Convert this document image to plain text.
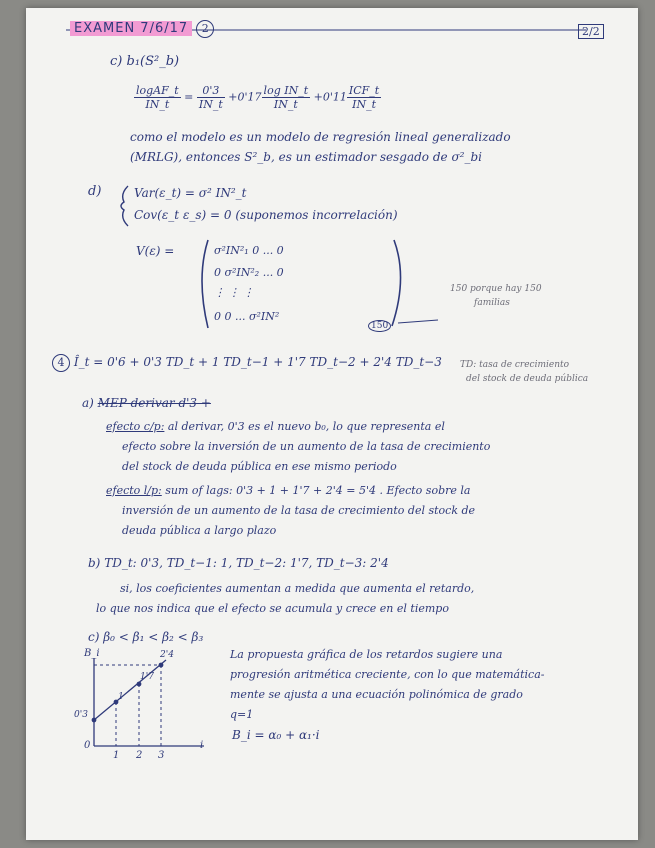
EXAMEN 7/6/17 2	2/2
c) b₁(S²_b)
$\frac{\text{logAF\_t}}{IN\_t} = \frac{0'3}{IN\_t} +0'17 \frac{\text{log IN\_t}}{IN\_t} +0'11 \frac{\text{ICF\_t}}{IN\_t}$
como el modelo es un modelo de regresión lineal generalizado
(MRLG), entonces S²_b, es un estimador sesgado de σ²_bi
d)	Var(ε_t) = σ² IN²_t
Cov(ε_t ε_s) = 0 (suponemos incorrelación)
V(ε) =	σ²IN²₁ 0 ... 0
0 σ²IN²₂ ... 0
⋮ ⋮ ⋮
0 0 ... σ²IN²
150
150 porque hay 150
familias
4 Î_t = 0'6 + 0'3 TD_t + 1 TD_t−1 + 1'7 TD_t−2 + 2'4 TD_t−3 TD: tasa de crecimiento
del stock de deuda pública
a) MEP derivar d'3 +
efecto c/p: al derivar, 0'3 es el nuevo b₀, lo que representa el
efecto sobre la inversión de un aumento de la tasa de crecimiento
del stock de deuda pública en ese mismo periodo
efecto l/p: sum of lags: 0'3 + 1 + 1'7 + 2'4 = 5'4 . Efecto sobre la
inversión de un aumento de la tasa de crecimiento del stock de
deuda pública a largo plazo
b) TD_t: 0'3, TD_t−1: 1, TD_t−2: 1'7, TD_t−3: 2'4
si, los coeficientes aumentan a medida que aumenta el retardo,
lo que nos indica que el efecto se acumula y crece en el tiempo
c) β₀ < β₁ < β₂ < β₃
La propuesta gráfica de los retardos sugiere una
progresión aritmética creciente, con lo que matemática-
mente se ajusta a una ecuación polinómica de grado
q=1
B_i = α₀ + α₁·i
B_i
i
0
1 2 3
0'3
1
1'7
2'4
